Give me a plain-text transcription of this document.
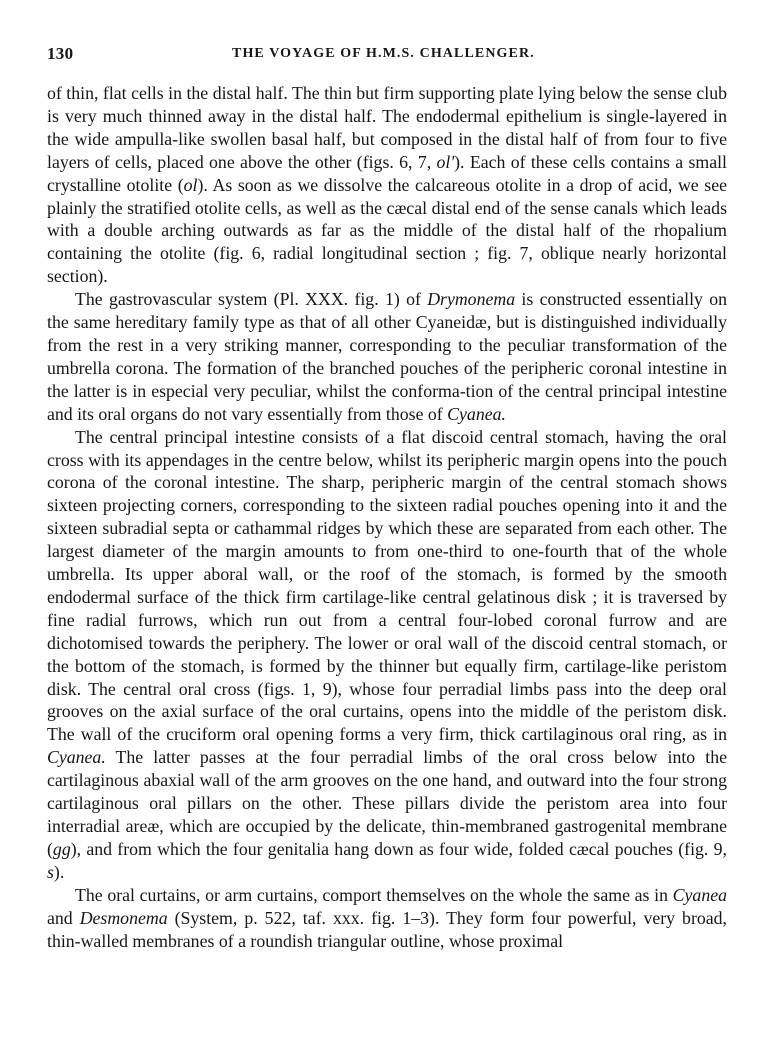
130	THE VOYAGE OF H.M.S. CHALLENGER.

of thin, flat cells in the distal half. The thin but firm supporting plate lying below the sense club is very much thinned away in the distal half. The endodermal epithelium is single-layered in the wide ampulla-like swollen basal half, but composed in the distal half of from four to five layers of cells, placed one above the other (figs. 6, 7, ol'). Each of these cells contains a small crystalline otolite (ol). As soon as we dissolve the calcareous otolite in a drop of acid, we see plainly the stratified otolite cells, as well as the cæcal distal end of the sense canals which leads with a double arching outwards as far as the middle of the distal half of the rhopalium containing the otolite (fig. 6, radial longitudinal section ; fig. 7, oblique nearly horizontal section).

The gastrovascular system (Pl. XXX. fig. 1) of Drymonema is constructed essentially on the same hereditary family type as that of all other Cyaneidæ, but is distinguished individually from the rest in a very striking manner, corresponding to the peculiar transformation of the umbrella corona. The formation of the branched pouches of the peripheric coronal intestine in the latter is in especial very peculiar, whilst the conforma-tion of the central principal intestine and its oral organs do not vary essentially from those of Cyanea.

The central principal intestine consists of a flat discoid central stomach, having the oral cross with its appendages in the centre below, whilst its peripheric margin opens into the pouch corona of the coronal intestine. The sharp, peripheric margin of the central stomach shows sixteen projecting corners, corresponding to the sixteen radial pouches opening into it and the sixteen subradial septa or cathammal ridges by which these are separated from each other. The largest diameter of the margin amounts to from one-third to one-fourth that of the whole umbrella. Its upper aboral wall, or the roof of the stomach, is formed by the smooth endodermal surface of the thick firm cartilage-like central gelatinous disk ; it is traversed by fine radial furrows, which run out from a central four-lobed coronal furrow and are dichotomised towards the periphery. The lower or oral wall of the discoid central stomach, or the bottom of the stomach, is formed by the thinner but equally firm, cartilage-like peristom disk. The central oral cross (figs. 1, 9), whose four perradial limbs pass into the deep oral grooves on the axial surface of the oral curtains, opens into the middle of the peristom disk. The wall of the cruciform oral opening forms a very firm, thick cartilaginous oral ring, as in Cyanea. The latter passes at the four perradial limbs of the oral cross below into the cartilaginous abaxial wall of the arm grooves on the one hand, and outward into the four strong cartilaginous oral pillars on the other. These pillars divide the peristom area into four interradial areæ, which are occupied by the delicate, thin-membraned gastrogenital membrane (gg), and from which the four genitalia hang down as four wide, folded cæcal pouches (fig. 9, s).

The oral curtains, or arm curtains, comport themselves on the whole the same as in Cyanea and Desmonema (System, p. 522, taf. xxx. fig. 1–3). They form four powerful, very broad, thin-walled membranes of a roundish triangular outline, whose proximal
